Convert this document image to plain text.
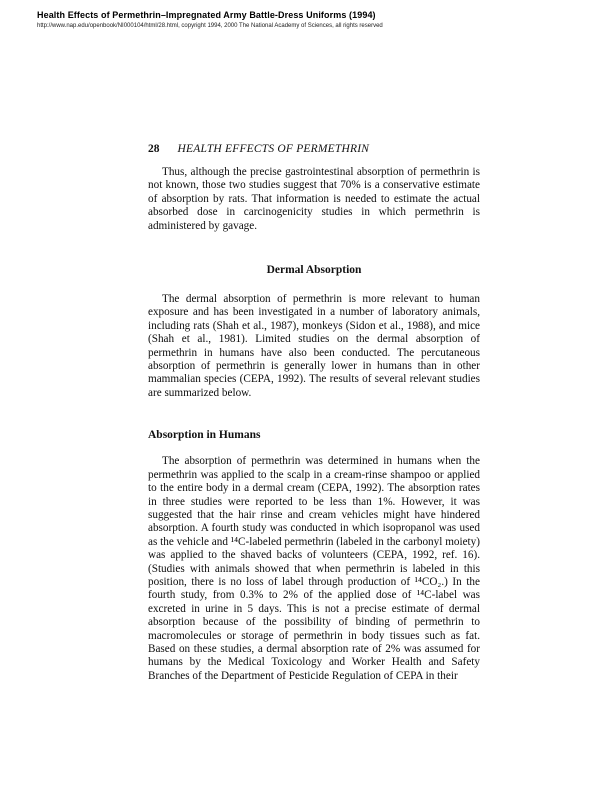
Health Effects of Permethrin–Impregnated Army Battle-Dress Uniforms (1994)
http://www.nap.edu/openbook/NI000104/html/28.html, copyright 1994, 2000 The National Academy of Sciences, all rights reserved
28 HEALTH EFFECTS OF PERMETHRIN

Thus, although the precise gastrointestinal absorption of permethrin is not known, those two studies suggest that 70% is a conservative estimate of absorption by rats. That information is needed to estimate the actual absorbed dose in carcinogenicity studies in which permethrin is administered by gavage.

Dermal Absorption

The dermal absorption of permethrin is more relevant to human exposure and has been investigated in a number of laboratory animals, including rats (Shah et al., 1987), monkeys (Sidon et al., 1988), and mice (Shah et al., 1981). Limited studies on the dermal absorption of permethrin in humans have also been conducted. The percutaneous absorption of permethrin is generally lower in humans than in other mammalian species (CEPA, 1992). The results of several relevant studies are summarized below.

Absorption in Humans

The absorption of permethrin was determined in humans when the permethrin was applied to the scalp in a cream-rinse shampoo or applied to the entire body in a dermal cream (CEPA, 1992). The absorption rates in three studies were reported to be less than 1%. However, it was suggested that the hair rinse and cream vehicles might have hindered absorption. A fourth study was conducted in which isopropanol was used as the vehicle and ¹⁴C-labeled permethrin (labeled in the carbonyl moiety) was applied to the shaved backs of volunteers (CEPA, 1992, ref. 16). (Studies with animals showed that when permethrin is labeled in this position, there is no loss of label through production of ¹⁴CO₂.) In the fourth study, from 0.3% to 2% of the applied dose of ¹⁴C-label was excreted in urine in 5 days. This is not a precise estimate of dermal absorption because of the possibility of binding of permethrin to macromolecules or storage of permethrin in body tissues such as fat. Based on these studies, a dermal absorption rate of 2% was assumed for humans by the Medical Toxicology and Worker Health and Safety Branches of the Department of Pesticide Regulation of CEPA in their
